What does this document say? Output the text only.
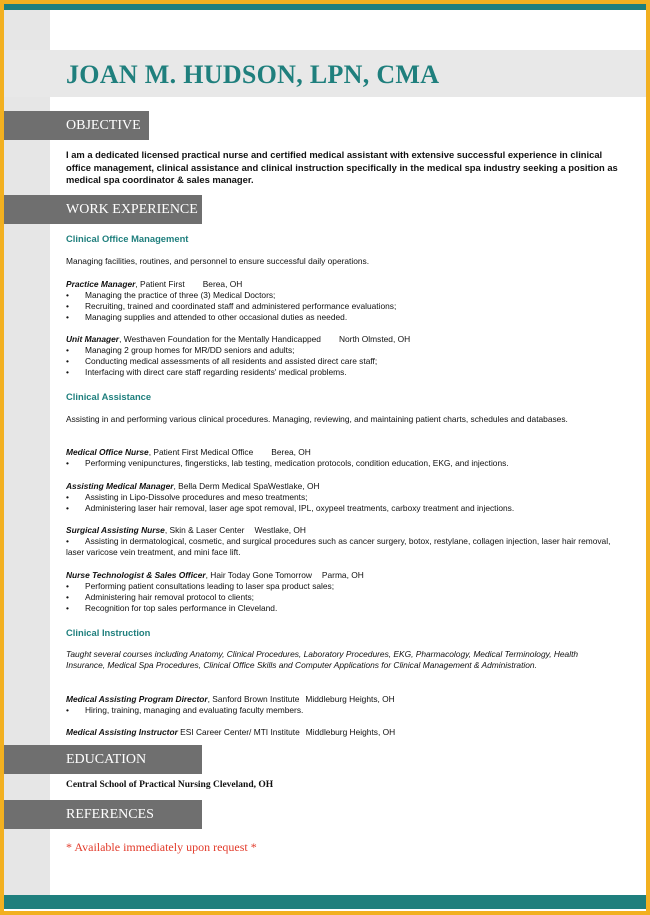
JOAN M. HUDSON, LPN, CMA
OBJECTIVE
I am a dedicated licensed practical nurse and certified medical assistant with extensive successful experience in clinical office management, clinical assistance and clinical instruction specifically in the medical spa industry seeking a position as medical spa coordinator & sales manager.
WORK EXPERIENCE
Clinical Office Management
Managing facilities, routines, and personnel to ensure successful daily operations.
Practice Manager, Patient First Berea, OH
• Managing the practice of three (3) Medical Doctors;
• Recruiting, trained and coordinated staff and administered performance evaluations;
• Managing supplies and attended to other occasional duties as needed.
Unit Manager, Westhaven Foundation for the Mentally Handicapped North Olmsted, OH
• Managing 2 group homes for MR/DD seniors and adults;
• Conducting medical assessments of all residents and assisted direct care staff;
• Interfacing with direct care staff regarding residents' medical problems.
Clinical Assistance
Assisting in and performing various clinical procedures. Managing, reviewing, and maintaining patient charts, schedules and databases.
Medical Office Nurse, Patient First Medical Office Berea, OH
• Performing venipunctures, fingersticks, lab testing, medication protocols, condition education, EKG, and injections.
Assisting Medical Manager, Bella Derm Medical SpaWestlake, OH
• Assisting in Lipo-Dissolve procedures and meso treatments;
• Administering laser hair removal, laser age spot removal, IPL, oxypeel treatments, carboxy treatment and injections.
Surgical Assisting Nurse, Skin & Laser Center Westlake, OH
• Assisting in dermatological, cosmetic, and surgical procedures such as cancer surgery, botox, restylane, collagen injection, laser hair removal, laser varicose vein treatment, and mini face lift.
Nurse Technologist & Sales Officer, Hair Today Gone Tomorrow Parma, OH
• Performing patient consultations leading to laser spa product sales;
• Administering hair removal protocol to clients;
• Recognition for top sales performance in Cleveland.
Clinical Instruction
Taught several courses including Anatomy, Clinical Procedures, Laboratory Procedures, EKG, Pharmacology, Medical Terminology, Health Insurance, Medical Spa Procedures, Clinical Office Skills and Computer Applications for Clinical Management & Administration.
Medical Assisting Program Director, Sanford Brown Institute Middleburg Heights, OH
• Hiring, training, managing and evaluating faculty members.
Medical Assisting Instructor ESI Career Center/ MTI Institute Middleburg Heights, OH
EDUCATION
Central School of Practical Nursing Cleveland, OH
REFERENCES
* Available immediately upon request *
